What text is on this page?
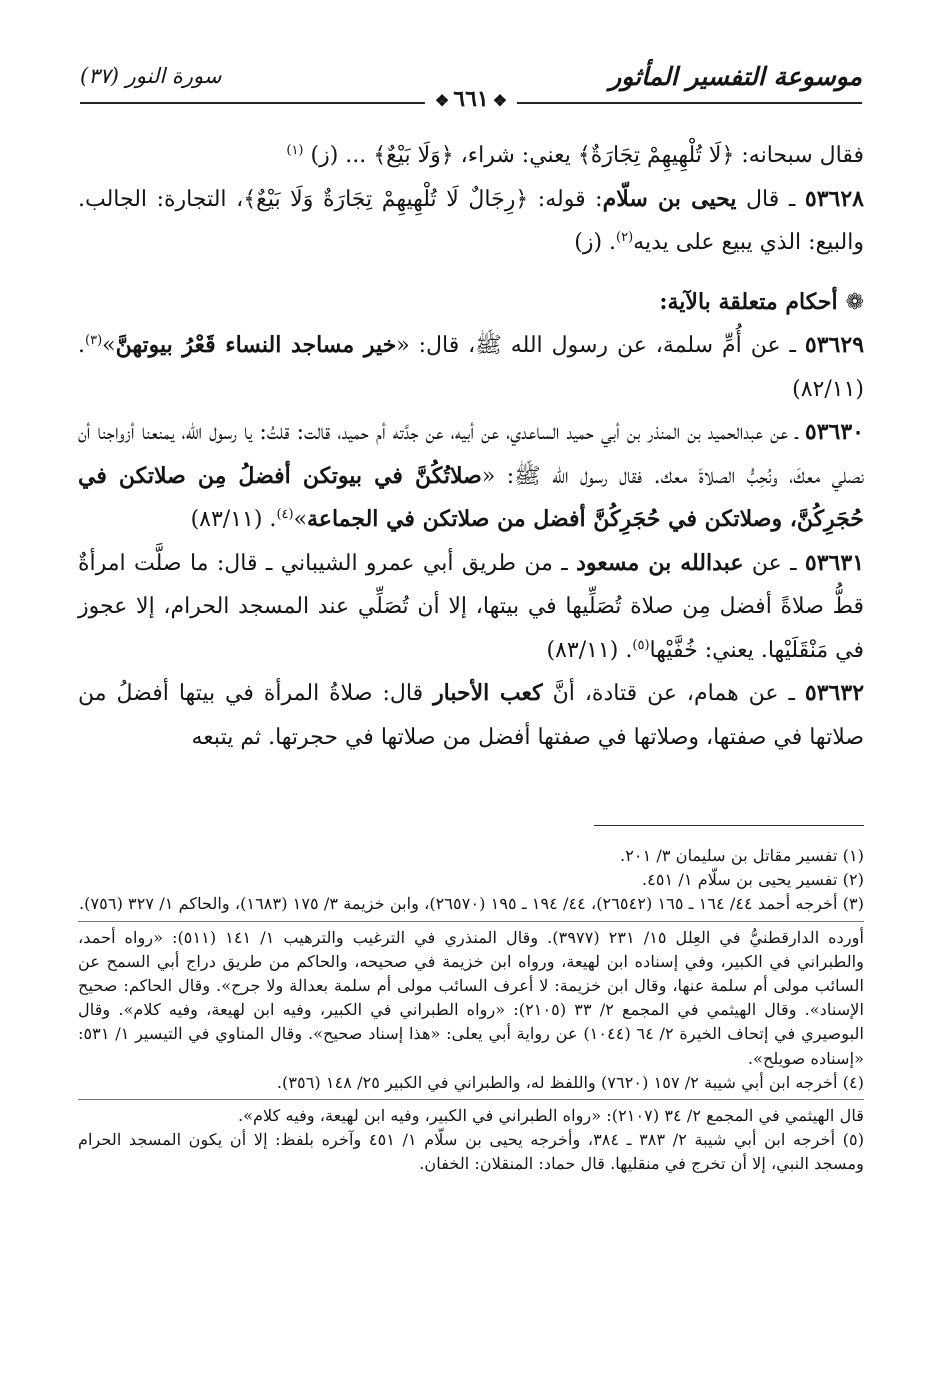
موسوعة التفسير المأثور
❖٦٦١❖
سورة النور (٣٧)

فقال سبحانه: ﴿لَا تُلْهِيهِمْ تِجَارَةٌ﴾ يعني: شراء، ﴿وَلَا بَيْعٌ﴾ ... (ز) $^{(١)}$

٥٣٦٢٨ ـ قال يحيى بن سلّام: قوله: ﴿رِجَالٌ لَا تُلْهِيهِمْ تِجَارَةٌ وَلَا بَيْعٌ﴾، التجارة: الجالب. والبيع: الذي يبيع على يديه$^{(٢)}$. (ز)

❁أحكام متعلقة بالآية:

٥٣٦٢٩ ـ عن أُمِّ سلمة، عن رسول الله ﷺ، قال: «خير مساجد النساء قَعْرُ بيوتهنَّ»$^{(٣)}$. (٨٢/١١)

٥٣٦٣٠ ـ عن عبدالحميد بن المنذر بن أبي حميد الساعدي، عن أبيه، عن جدَّته أم حميد، قالت: قلتُ: يا رسول الله، يمنعنا أزواجنا أن نصلي معكَ، ونُحِبُّ الصلاةَ معك. فقال رسول الله ﷺ: «صلاتُكُنَّ في بيوتكن أفضلُ مِن صلاتكن في حُجَرِكُنَّ، وصلاتكن في حُجَرِكُنَّ أفضل من صلاتكن في الجماعة»$^{(٤)}$. (٨٣/١١)

٥٣٦٣١ ـ عن عبدالله بن مسعود ـ من طريق أبي عمرو الشيباني ـ قال: ما صلَّت امرأةٌ قطُّ صلاةً أفضل مِن صلاة تُصَلِّيها في بيتها، إلا أن تُصَلِّي عند المسجد الحرام، إلا عجوز في مَنْقَلَيْها. يعني: خُفَّيْها$^{(٥)}$. (٨٣/١١)

٥٣٦٣٢ ـ عن همام، عن قتادة، أنَّ كعب الأحبار قال: صلاةُ المرأة في بيتها أفضلُ من صلاتها في صفتها، وصلاتها في صفتها أفضل من صلاتها في حجرتها. ثم يتبعه

(١) تفسير مقاتل بن سليمان ٣/ ٢٠١.

(٢) تفسير يحيى بن سلّام ١/ ٤٥١.

(٣) أخرجه أحمد ٤٤/ ١٦٤ ـ ١٦٥ (٢٦٥٤٢)، ٤٤/ ١٩٤ ـ ١٩٥ (٢٦٥٧٠)، وابن خزيمة ٣/ ١٧٥ (١٦٨٣)، والحاكم ١/ ٣٢٧ (٧٥٦).

أورده الدارقطنيُّ في العِلل ١٥/ ٢٣١ (٣٩٧٧). وقال المنذري في الترغيب والترهيب ١/ ١٤١ (٥١١): «رواه أحمد، والطبراني في الكبير، وفي إسناده ابن لهيعة، ورواه ابن خزيمة في صحيحه، والحاكم من طريق دراج أبي السمح عن السائب مولى أم سلمة عنها، وقال ابن خزيمة: لا أعرف السائب مولى أم سلمة بعدالة ولا جرح». وقال الحاكم: صحيح الإسناد». وقال الهيثمي في المجمع ٢/ ٣٣ (٢١٠٥): «رواه الطبراني في الكبير، وفيه ابن لهيعة، وفيه كلام». وقال البوصيري في إتحاف الخيرة ٢/ ٦٤ (١٠٤٤) عن رواية أبي يعلى: «هذا إسناد صحيح». وقال المناوي في التيسير ١/ ٥٣١: «إسناده صويلح».

(٤) أخرجه ابن أبي شيبة ٢/ ١٥٧ (٧٦٢٠) واللفظ له، والطبراني في الكبير ٢٥/ ١٤٨ (٣٥٦).

قال الهيثمي في المجمع ٢/ ٣٤ (٢١٠٧): «رواه الطبراني في الكبير، وفيه ابن لهيعة، وفيه كلام».

(٥) أخرجه ابن أبي شيبة ٢/ ٣٨٣ ـ ٣٨٤، وأخرجه يحيى بن سلّام ١/ ٤٥١ وآخره بلفظ: إلا أن يكون المسجد الحرام ومسجد النبي، إلا أن تخرج في منقليها. قال حماد: المنقلان: الخفان.
